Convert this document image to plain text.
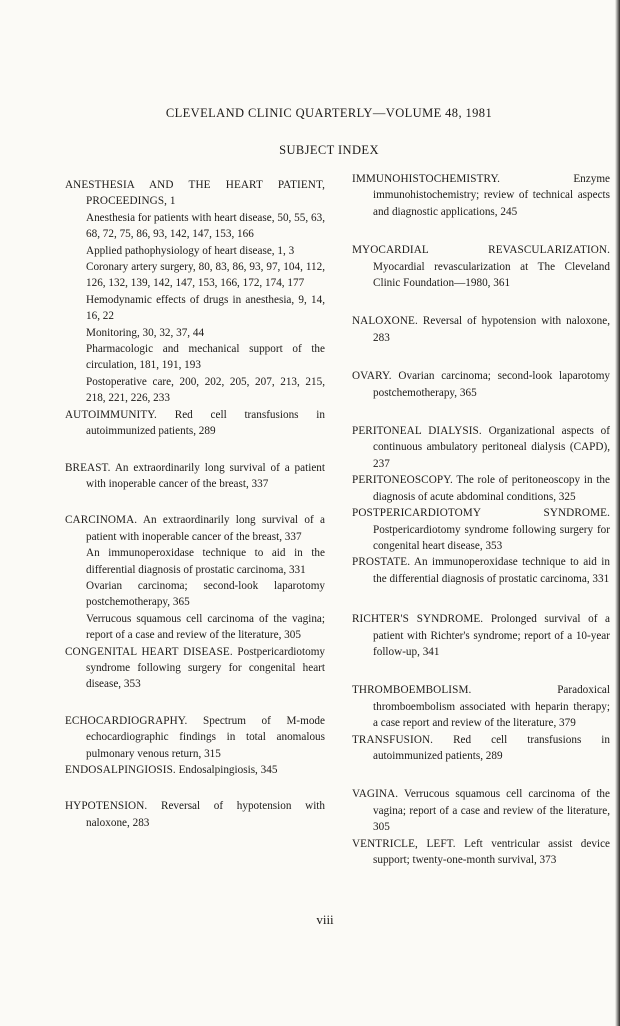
CLEVELAND CLINIC QUARTERLY—VOLUME 48, 1981
SUBJECT INDEX
ANESTHESIA AND THE HEART PATIENT, PROCEEDINGS, 1
Anesthesia for patients with heart disease, 50, 55, 63, 68, 72, 75, 86, 93, 142, 147, 153, 166
Applied pathophysiology of heart disease, 1, 3
Coronary artery surgery, 80, 83, 86, 93, 97, 104, 112, 126, 132, 139, 142, 147, 153, 166, 172, 174, 177
Hemodynamic effects of drugs in anesthesia, 9, 14, 16, 22
Monitoring, 30, 32, 37, 44
Pharmacologic and mechanical support of the circulation, 181, 191, 193
Postoperative care, 200, 202, 205, 207, 213, 215, 218, 221, 226, 233
AUTOIMMUNITY. Red cell transfusions in autoimmunized patients, 289
BREAST. An extraordinarily long survival of a patient with inoperable cancer of the breast, 337
CARCINOMA. An extraordinarily long survival of a patient with inoperable cancer of the breast, 337
An immunoperoxidase technique to aid in the differential diagnosis of prostatic carcinoma, 331
Ovarian carcinoma; second-look laparotomy postchemotherapy, 365
Verrucous squamous cell carcinoma of the vagina; report of a case and review of the literature, 305
CONGENITAL HEART DISEASE. Postpericardiotomy syndrome following surgery for congenital heart disease, 353
ECHOCARDIOGRAPHY. Spectrum of M-mode echocardiographic findings in total anomalous pulmonary venous return, 315
ENDOSALPINGIOSIS. Endosalpingiosis, 345
HYPOTENSION. Reversal of hypotension with naloxone, 283
IMMUNOHISTOCHEMISTRY.	Enzyme immunohistochemistry; review of technical aspects and diagnostic applications, 245
MYOCARDIAL REVASCULARIZATION.
Myocardial revascularization at The Cleveland Clinic Foundation—1980, 361
NALOXONE. Reversal of hypotension with naloxone, 283
OVARY. Ovarian carcinoma; second-look laparotomy postchemotherapy, 365
PERITONEAL DIALYSIS. Organizational aspects of continuous ambulatory peritoneal dialysis (CAPD), 237
PERITONEOSCOPY. The role of peritoneoscopy in the diagnosis of acute abdominal conditions, 325
POSTPERICARDIOTOMY SYNDROME.
Postpericardiotomy syndrome following surgery for congenital heart disease, 353
PROSTATE. An immunoperoxidase technique to aid in the differential diagnosis of prostatic carcinoma, 331
RICHTER'S SYNDROME. Prolonged survival of a patient with Richter's syndrome; report of a 10-year follow-up, 341
THROMBOEMBOLISM.	Paradoxical thromboembolism associated with heparin therapy; a case report and review of the literature, 379
TRANSFUSION. Red cell transfusions in autoimmunized patients, 289
VAGINA. Verrucous squamous cell carcinoma of the vagina; report of a case and review of the literature, 305
VENTRICLE, LEFT. Left ventricular assist device support; twenty-one-month survival, 373
viii
